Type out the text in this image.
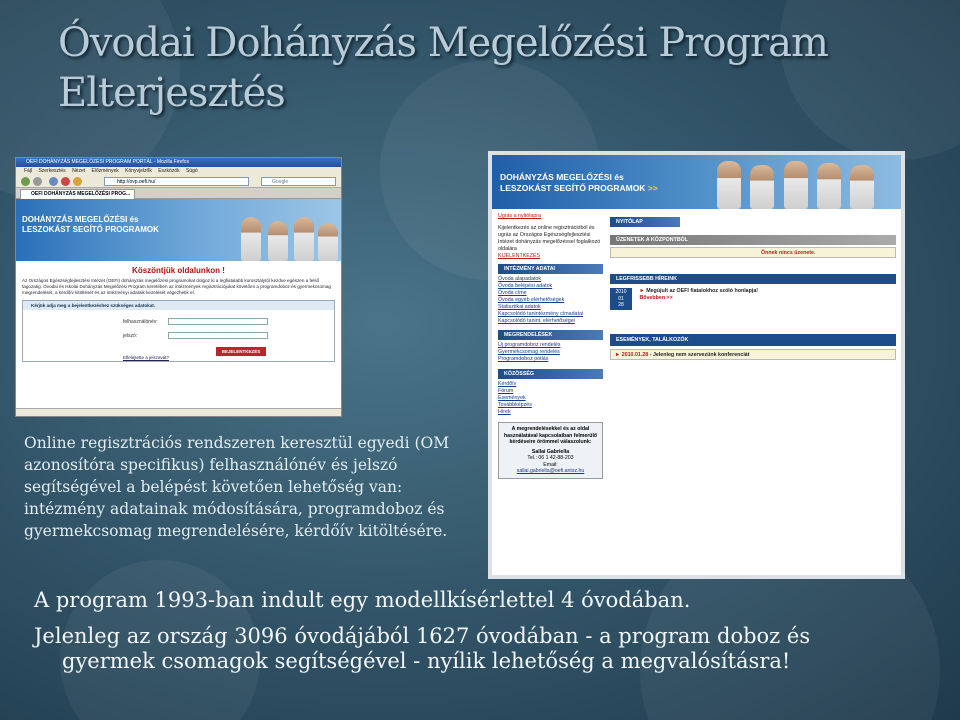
Óvodai Dohányzás Megelőzési Program
Elterjesztés
OEFI DOHÁNYZÁS MEGELŐZÉSI PROGRAM PORTÁL - Mozilla Firefox
Fájl Szerkesztés Nézet Előzmények Könyvjelzők Eszközök Súgó
http://ovp.oefi.hu/	Google
OEFI DOHÁNYZÁS MEGELŐZÉSI PROG...
DOHÁNYZÁS MEGELŐZÉSI és
LESZOKÁST SEGÍTŐ PROGRAMOK
Köszöntjük oldalunkon !
Az Országos Egészségfejlesztési Intézet (OEFI) dohányzás megelőzési programokat dolgoz ki a legfiatalabb korosztálytól kezdve egészen a felső tagozatig. Óvodai és Iskolai Dohányzás Megelőzési Program keretében az intézmények regisztrációjukat követően a programdoboz és gyermekcsomag megrendelését, a kérdőív kitöltését és az intézményi adataik kezelését végezhetik el.
Kérjük adja meg a bejelentkezéshez szükséges adatokat.
felhasználónév:
jelszó:
BEJELENTKEZÉS
Elfelejtette a jelszavát?
DOHÁNYZÁS MEGELŐZÉSI és
LESZOKÁST SEGÍTŐ PROGRAMOK >>
Ugrás a nyitólapra
Kijelentkezés az online regisztrációból és ugrás az Országos Egészségfejlesztési Intézet dohányzás megelőzéssel foglalkozó oldalára
KIJELENTKEZÉS
INTÉZMÉNY ADATAI
Óvoda alapadatok
Óvoda belépési adatok
Óvoda címe
Óvoda egyéb elérhetőségek
Statisztikai adatok
Kapcsolódó tanintézmény címadatai
Kapcsolódó tanint. elérhetőségei
MEGRENDELÉSEK
Új programdoboz rendelés
Gyermekcsomag rendelés
Programdoboz pótlás
KÖZÖSSÉG
Kérdőív
Fórum
Események
Továbbképzés
Hírek
A megrendelésekkel és az oldal használatával kapcsolatban felmerülő kérdéseire örömmel válaszolunk:
Sallai Gabriella
Tel.: 06 1 42-88-203
Email:
sallai.gabriella@oefi.antsz.hu
NYITÓLAP
ÜZENETEK A KÖZPONTBÓL
Önnek nincs üzenete.
LEGFRISSEBB HÍREINK
2010
01
28

► Megújult az OEFI fiatalokhoz szóló honlapja!
Bővebben >>
ESEMÉNYEK, TALÁLKOZÓK
► 2010.01.28 - Jelenleg nem szervezünk konferenciát
Online regisztrációs rendszeren keresztül egyedi (OM azonosítóra specifikus) felhasználónév és jelszó segítségével a belépést követően lehetőség van: intézmény adatainak módosítására, programdoboz és gyermekcsomag megrendelésére, kérdőív kitöltésére.
A program 1993-ban indult egy modellkísérlettel 4 óvodában.
Jelenleg az ország 3096 óvodájából 1627 óvodában - a program doboz és
gyermek csomagok segítségével - nyílik lehetőség a megvalósításra!
